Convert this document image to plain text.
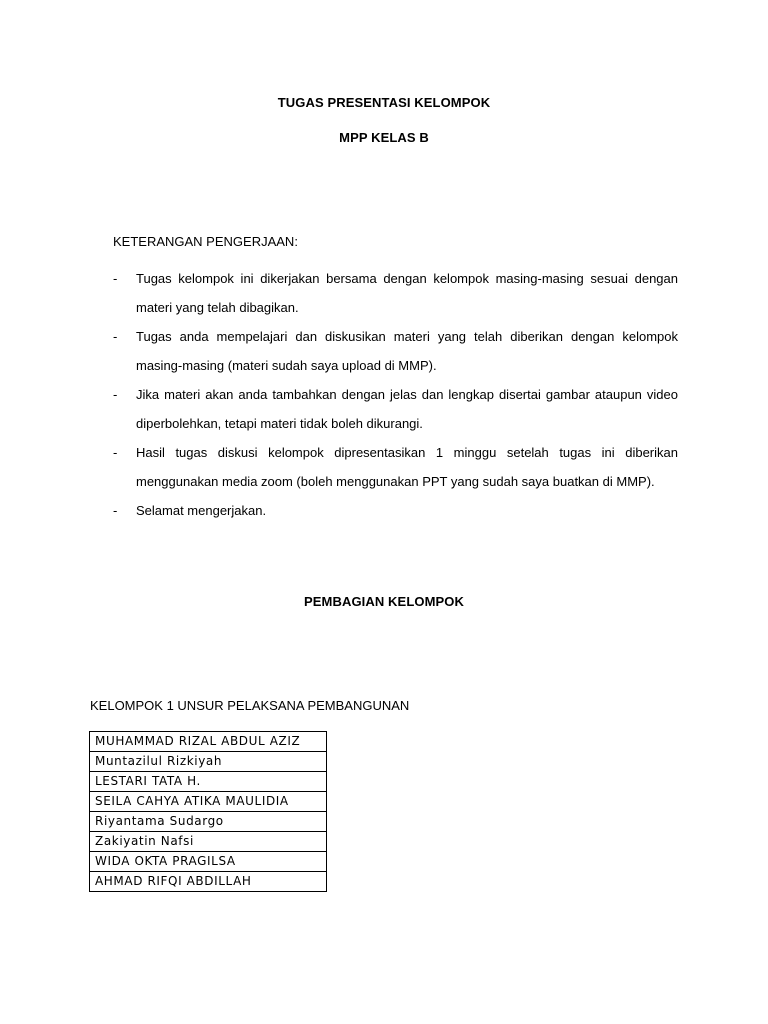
TUGAS PRESENTASI KELOMPOK
MPP KELAS B
KETERANGAN PENGERJAAN:
- Tugas kelompok ini dikerjakan bersama dengan kelompok masing-masing sesuai dengan materi yang telah dibagikan.
- Tugas anda mempelajari dan diskusikan materi yang telah diberikan dengan kelompok masing-masing (materi sudah saya upload di MMP).
- Jika materi akan anda tambahkan dengan jelas dan lengkap disertai gambar ataupun video diperbolehkan, tetapi materi tidak boleh dikurangi.
- Hasil tugas diskusi kelompok dipresentasikan 1 minggu setelah tugas ini diberikan menggunakan media zoom (boleh menggunakan PPT yang sudah saya buatkan di MMP).
- Selamat mengerjakan.
PEMBAGIAN KELOMPOK
KELOMPOK 1 UNSUR PELAKSANA PEMBANGUNAN
MUHAMMAD RIZAL ABDUL AZIZ
Muntazilul Rizkiyah
LESTARI TATA H.
SEILA CAHYA ATIKA MAULIDIA
Riyantama Sudargo
Zakiyatin Nafsi
WIDA OKTA PRAGILSA
AHMAD RIFQI ABDILLAH
